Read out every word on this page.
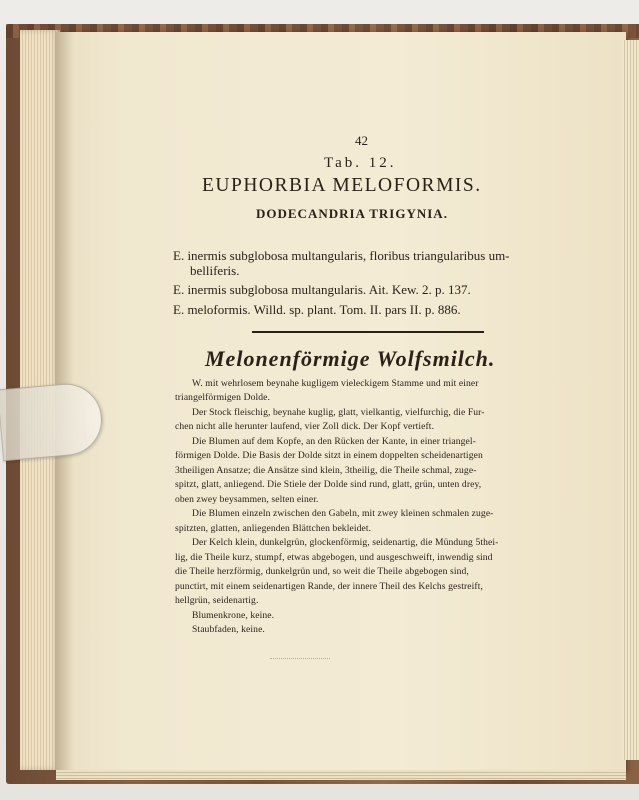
42
Tab. 12.
EUPHORBIA MELOFORMIS.
DODECANDRIA TRIGYNIA.
E. inermis subglobosa multangularis, floribus triangularibus um-
belliferis.
E. inermis subglobosa multangularis. Ait. Kew. 2. p. 137.
E. meloformis. Willd. sp. plant. Tom. II. pars II. p. 886.
Melonenförmige Wolfsmilch.
W. mit wehrlosem beynahe kugligem vieleckigem Stamme und mit einer
triangelförmigen Dolde.
Der Stock fleischig, beynahe kuglig, glatt, vielkantig, vielfurchig, die Fur-
chen nicht alle herunter laufend, vier Zoll dick. Der Kopf vertieft.
Die Blumen auf dem Kopfe, an den Rücken der Kante, in einer triangel-
förmigen Dolde. Die Basis der Dolde sitzt in einem doppelten scheidenartigen
3theiligen Ansatze; die Ansätze sind klein, 3theilig, die Theile schmal, zuge-
spitzt, glatt, anliegend. Die Stiele der Dolde sind rund, glatt, grün, unten drey,
oben zwey beysammen, selten einer.
Die Blumen einzeln zwischen den Gabeln, mit zwey kleinen schmalen zuge-
spitzten, glatten, anliegenden Blättchen bekleidet.
Der Kelch klein, dunkelgrün, glockenförmig, seidenartig, die Mündung 5thei-
lig, die Theile kurz, stumpf, etwas abgebogen, und ausgeschweift, inwendig sind
die Theile herzförmig, dunkelgrün und, so weit die Theile abgebogen sind,
punctirt, mit einem seidenartigen Rande, der innere Theil des Kelchs gestreift,
hellgrün, seidenartig.
Blumenkrone, keine.
Staubfaden, keine.
